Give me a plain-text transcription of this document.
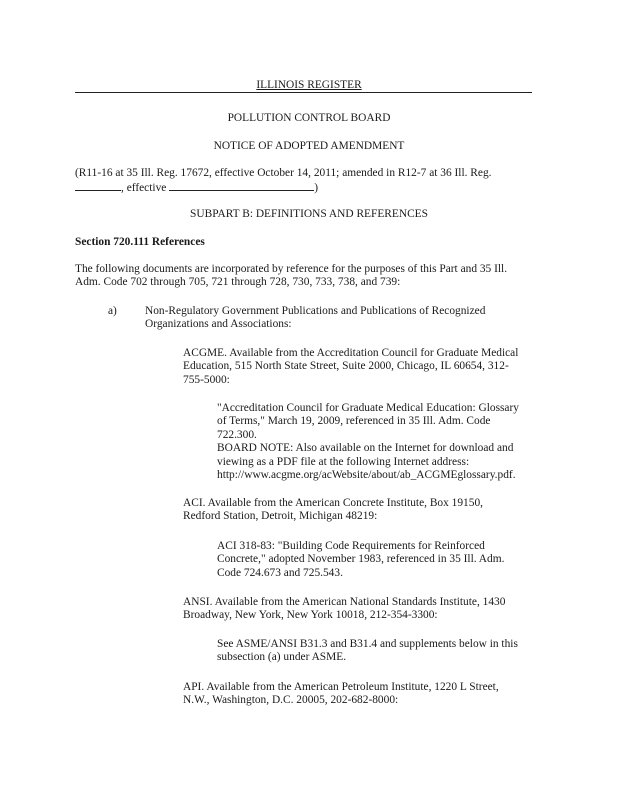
ILLINOIS REGISTER	..
POLLUTION CONTROL BOARD
NOTICE OF ADOPTED AMENDMENT
(R11-16 at 35 Ill. Reg. 17672, effective October 14, 2011; amended in R12-7 at 36 Ill. Reg.
, effective	)
SUBPART B: DEFINITIONS AND REFERENCES
Section 720.111 References
The following documents are incorporated by reference for the purposes of this Part and 35 Ill.
Adm. Code 702 through 705, 721 through 728, 730, 733, 738, and 739:
a) Non-Regulatory Government Publications and Publications of Recognized
Organizations and Associations:
ACGME. Available from the Accreditation Council for Graduate Medical
Education, 515 North State Street, Suite 2000, Chicago, IL 60654, 312-
755-5000:
"Accreditation Council for Graduate Medical Education: Glossary
of Terms," March 19, 2009, referenced in 35 Ill. Adm. Code
722.300.
BOARD NOTE: Also available on the Internet for download and
viewing as a PDF file at the following Internet address:
http://www.acgme.org/acWebsite/about/ab_ACGMEglossary.pdf.
ACI. Available from the American Concrete Institute, Box 19150,
Redford Station, Detroit, Michigan 48219:
ACI 318-83: "Building Code Requirements for Reinforced
Concrete," adopted November 1983, referenced in 35 Ill. Adm.
Code 724.673 and 725.543.
ANSI. Available from the American National Standards Institute, 1430
Broadway, New York, New York 10018, 212-354-3300:
See ASME/ANSI B31.3 and B31.4 and supplements below in this
subsection (a) under ASME.
API. Available from the American Petroleum Institute, 1220 L Street,
N.W., Washington, D.C. 20005, 202-682-8000:
